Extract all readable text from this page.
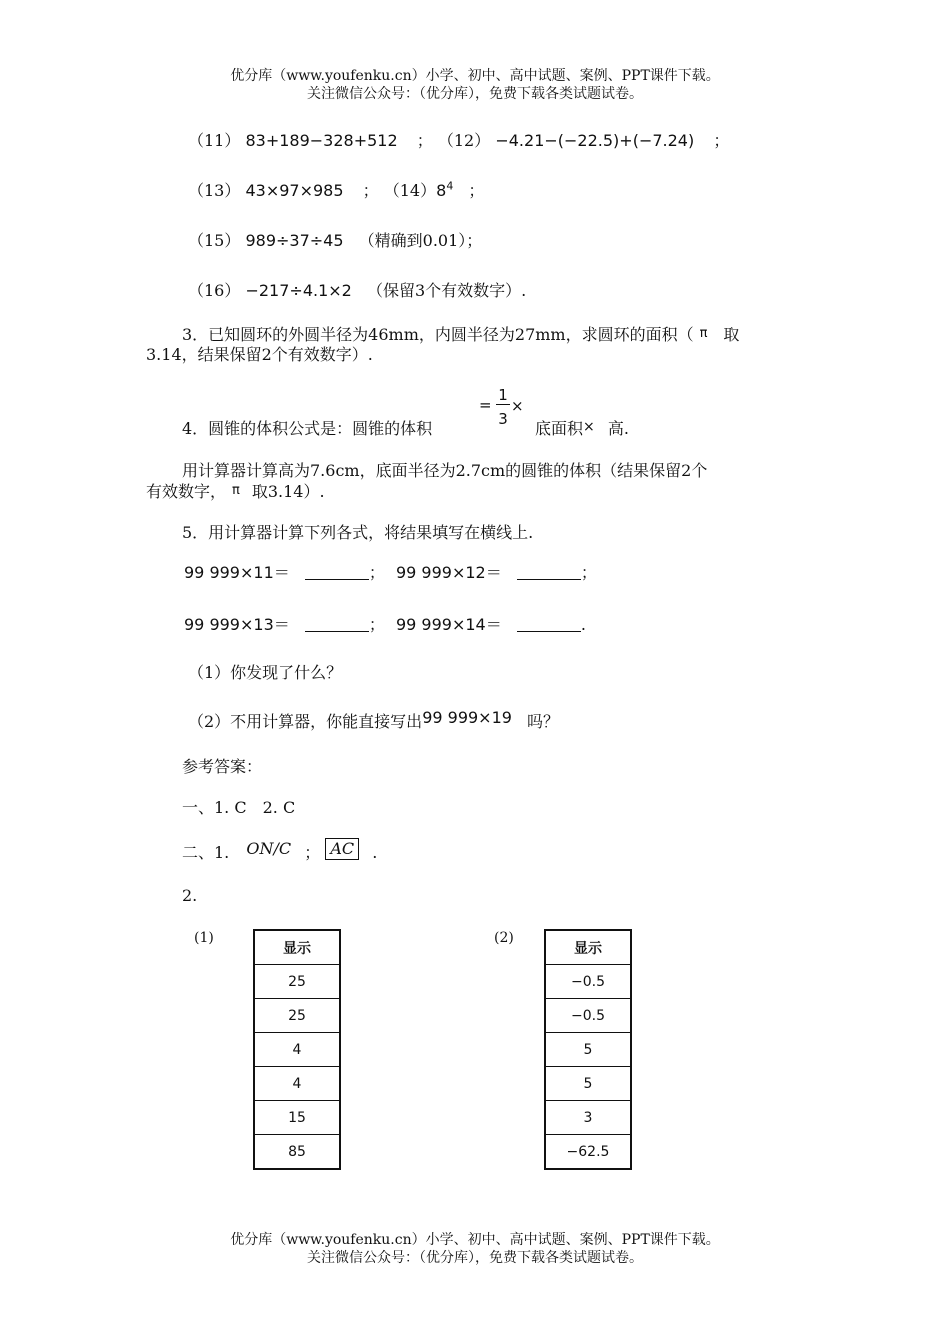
优分库（www.youfenku.cn）小学、初中、高中试题、案例、PPT课件下载。
关注微信公众号：（优分库），免费下载各类试题试卷。
（11） 83+189−328+512 ； （12） −4.21−(−22.5)+(−7.24) ；
（13） 43×97×985 ； $(14)8^4$ ；
（15） 989÷37÷45 （精确到0.01）；
（16） −217÷4.1×2 （保留3个有效数字）.
3．已知圆环的外圆半径为46mm，内圆半径为27mm，求圆环的面积（ π 取
3.14，结果保留2个有效数字）.
=
1
3
×
4．圆锥的体积公式是：圆锥的体积	底面积× 高.
用计算器计算高为7.6cm，底面半径为2.7cm的圆锥的体积（结果保留2个
有效数字， π 取3.14）.
5．用计算器计算下列各式，将结果填写在横线上.
99 999×11＝	； 99 999×12＝	；
99 999×13＝	； 99 999×14＝	.
（1）你发现了什么？
（2）不用计算器，你能直接写出99 999×19 吗？
参考答案：
一、1. C　2. C
二、1. ON/C ； AC .
2.
(1)
显示
25
25
4
4
15
85
(2)
显示
−0.5
−0.5
5
5
3
−62.5
优分库（www.youfenku.cn）小学、初中、高中试题、案例、PPT课件下载。
关注微信公众号：（优分库），免费下载各类试题试卷。
